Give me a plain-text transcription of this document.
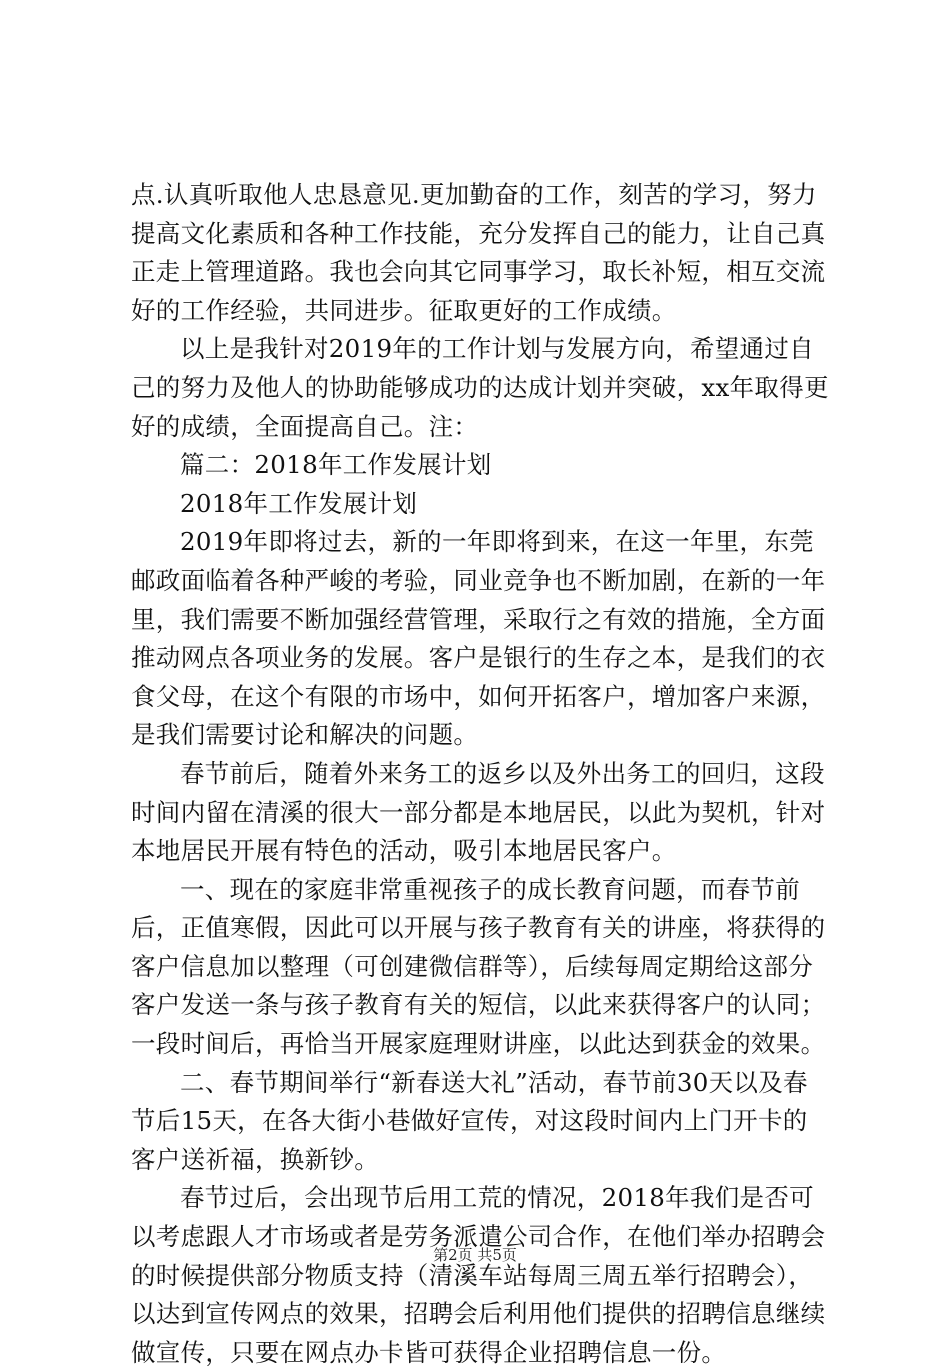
点.认真听取他人忠恳意见.更加勤奋的工作，刻苦的学习，努力提高文化素质和各种工作技能，充分发挥自己的能力，让自己真正走上管理道路。我也会向其它同事学习，取长补短，相互交流好的工作经验，共同进步。征取更好的工作成绩。

以上是我针对2019年的工作计划与发展方向，希望通过自己的努力及他人的协助能够成功的达成计划并突破，xx年取得更好的成绩，全面提高自己。注：

篇二：2018年工作发展计划

2018年工作发展计划

2019年即将过去，新的一年即将到来，在这一年里，东莞邮政面临着各种严峻的考验，同业竞争也不断加剧，在新的一年里，我们需要不断加强经营管理，采取行之有效的措施，全方面推动网点各项业务的发展。客户是银行的生存之本，是我们的衣食父母，在这个有限的市场中，如何开拓客户，增加客户来源，是我们需要讨论和解决的问题。

春节前后，随着外来务工的返乡以及外出务工的回归，这段时间内留在清溪的很大一部分都是本地居民，以此为契机，针对本地居民开展有特色的活动，吸引本地居民客户。

一、现在的家庭非常重视孩子的成长教育问题，而春节前后，正值寒假，因此可以开展与孩子教育有关的讲座，将获得的客户信息加以整理（可创建微信群等），后续每周定期给这部分客户发送一条与孩子教育有关的短信，以此来获得客户的认同；一段时间后，再恰当开展家庭理财讲座，以此达到获金的效果。

二、春节期间举行“新春送大礼”活动，春节前30天以及春节后15天，在各大街小巷做好宣传，对这段时间内上门开卡的客户送祈福，换新钞。

春节过后，会出现节后用工荒的情况，2018年我们是否可以考虑跟人才市场或者是劳务派遣公司合作，在他们举办招聘会的时候提供部分物质支持（清溪车站每周三周五举行招聘会），以达到宣传网点的效果，招聘会后利用他们提供的招聘信息继续做宣传，只要在网点办卡皆可获得企业招聘信息一份。

第2页 共5页
